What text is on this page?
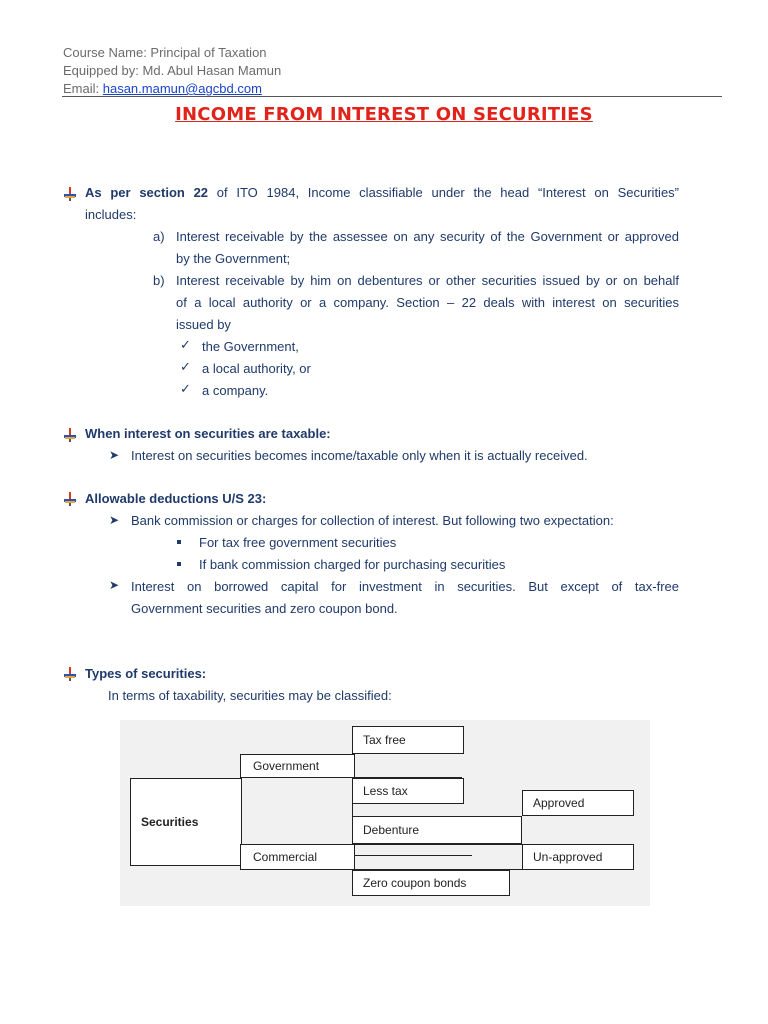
Course Name: Principal of Taxation
Equipped by: Md. Abul Hasan Mamun
Email: hasan.mamun@agcbd.com
INCOME FROM INTEREST ON SECURITIES
As per section 22 of ITO 1984, Income classifiable under the head “Interest on Securities”
includes:
a) Interest receivable by the assessee on any security of the Government or approved
by the Government;
b) Interest receivable by him on debentures or other securities issued by or on behalf
of a local authority or a company. Section – 22 deals with interest on securities
issued by
✓ the Government,
✓ a local authority, or
✓ a company.
When interest on securities are taxable:
➤ Interest on securities becomes income/taxable only when it is actually received.
Allowable deductions U/S 23:
➤ Bank commission or charges for collection of interest. But following two expectation:
For tax free government securities
If bank commission charged for purchasing securities
➤ Interest on borrowed capital for investment in securities. But except of tax-free
Government securities and zero coupon bond.
Types of securities:
In terms of taxability, securities may be classified:
Securities
Government
Tax free
Less tax
Debenture
Commercial
Zero coupon bonds
Approved
Un-approved
